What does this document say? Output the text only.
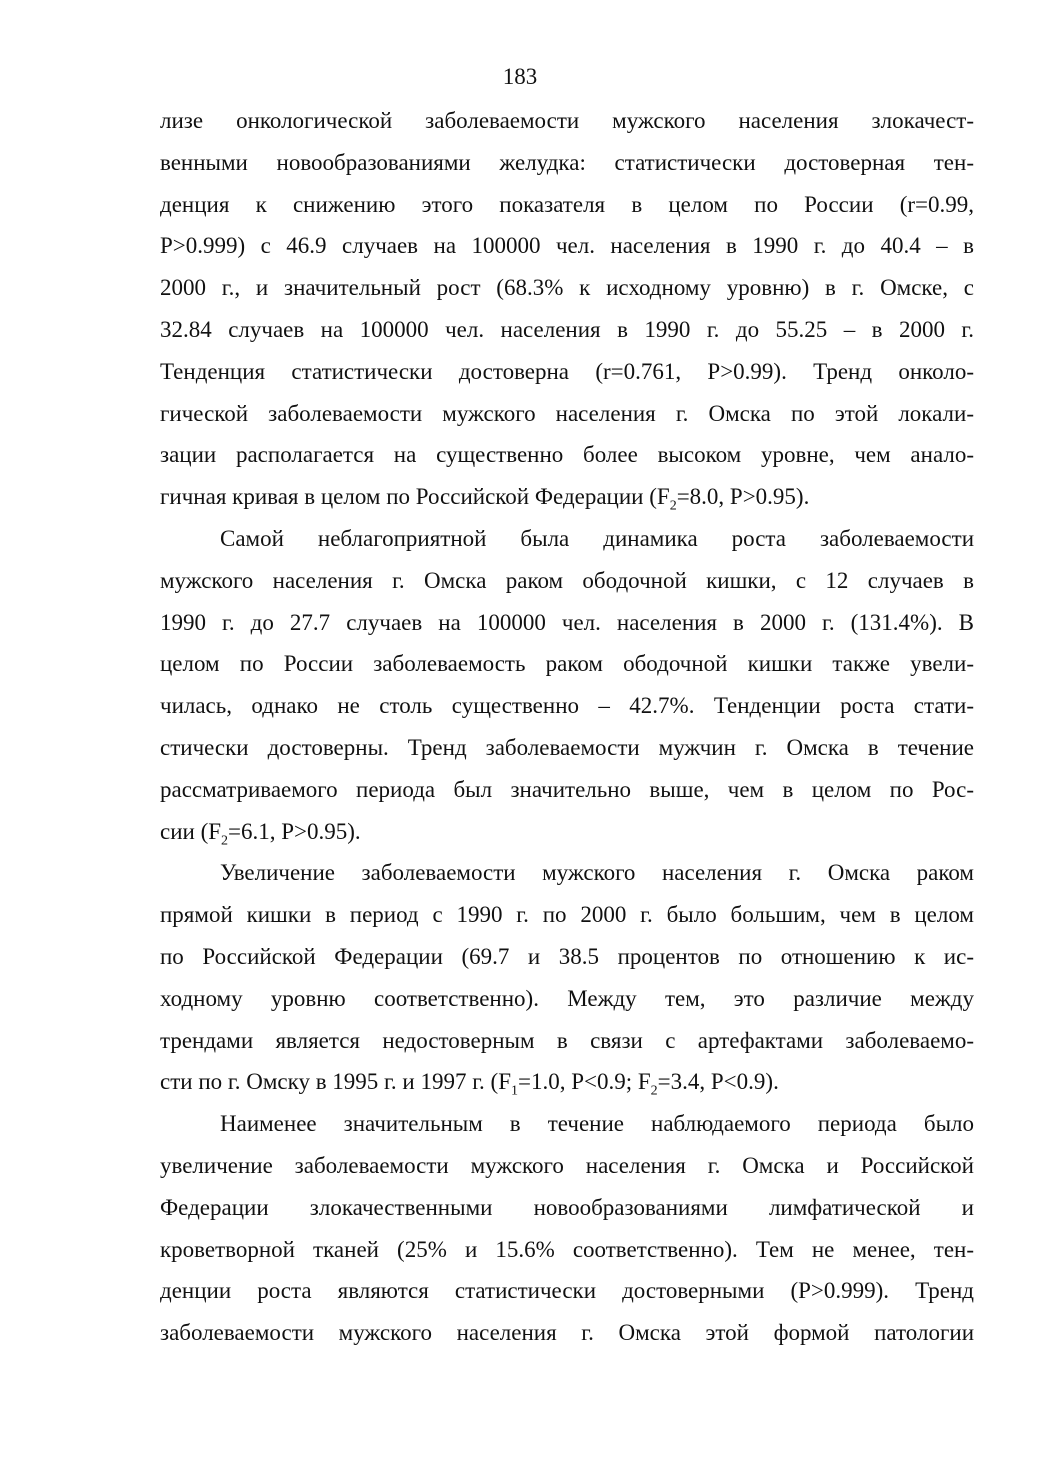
183
лизе онкологической заболеваемости мужского населения злокачест-
венными новообразованиями желудка: статистически достоверная тен-
денция к снижению этого показателя в целом по России (r=0.99,
P>0.999) с 46.9 случаев на 100000 чел. населения в 1990 г. до 40.4 – в
2000 г., и значительный рост (68.3% к исходному уровню) в г. Омске, с
32.84 случаев на 100000 чел. населения в 1990 г. до 55.25 – в 2000 г.
Тенденция статистически достоверна (r=0.761, P>0.99). Тренд онколо-
гической заболеваемости мужского населения г. Омска по этой локали-
зации располагается на существенно более высоком уровне, чем анало-
гичная кривая в целом по Российской Федерации ($F_2=8.0$, P>0.95).
Самой неблагоприятной была динамика роста заболеваемости
мужского населения г. Омска раком ободочной кишки, с 12 случаев в
1990 г. до 27.7 случаев на 100000 чел. населения в 2000 г. (131.4%). В
целом по России заболеваемость раком ободочной кишки также увели-
чилась, однако не столь существенно – 42.7%. Тенденции роста стати-
стически достоверны. Тренд заболеваемости мужчин г. Омска в течение
рассматриваемого периода был значительно выше, чем в целом по Рос-
сии ($F_2=6.1$, P>0.95).
Увеличение заболеваемости мужского населения г. Омска раком
прямой кишки в период с 1990 г. по 2000 г. было большим, чем в целом
по Российской Федерации (69.7 и 38.5 процентов по отношению к ис-
ходному уровню соответственно). Между тем, это различие между
трендами является недостоверным в связи с артефактами заболеваемо-
сти по г. Омску в 1995 г. и 1997 г. ($F_1=1.0$, P<0.9; $F_2=3.4$, P<0.9).
Наименее значительным в течение наблюдаемого периода было
увеличение заболеваемости мужского населения г. Омска и Российской
Федерации злокачественными новообразованиями лимфатической и
кроветворной тканей (25% и 15.6% соответственно). Тем не менее, тен-
денции роста являются статистически достоверными (P>0.999). Тренд
заболеваемости мужского населения г. Омска этой формой патологии
